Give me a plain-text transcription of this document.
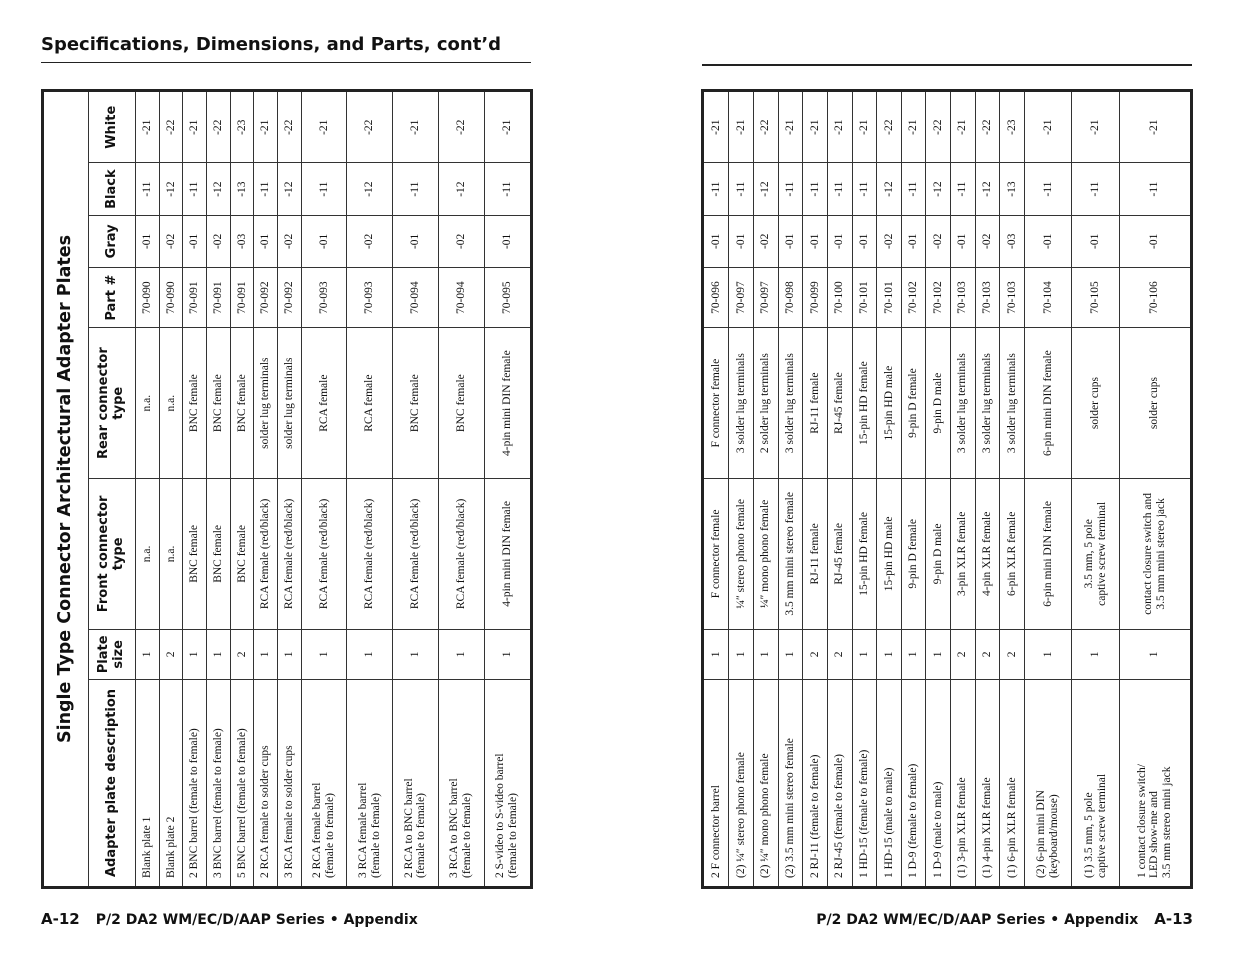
Specifications, Dimensions, and Parts, cont’d
Single Type Connector Architectural Adapter Plates							
Adapter plate description	Plate size	Front connector type	Rear connector type	Part #	Gray	Black	White

Blank plate 1	1	n.a.	n.a.	70-090	-01	-11	-21

Blank plate 2	2	n.a.	n.a.	70-090	-02	-12	-22

2 BNC barrel (female to female)	1	BNC female	BNC female	70-091	-01	-11	-21

3 BNC barrel (female to female)	1	BNC female	BNC female	70-091	-02	-12	-22

5 BNC barrel (female to female)	2	BNC female	BNC female	70-091	-03	-13	-23

2 RCA female to solder cups	1	RCA female (red/black)	solder lug terminals	70-092	-01	-11	-21

3 RCA female to solder cups	1	RCA female (red/black)	solder lug terminals	70-092	-02	-12	-22

2 RCA female barrel (female to female)	1	RCA female (red/black)	RCA female	70-093	-01	-11	-21

3 RCA female barrel (female to female)	1	RCA female (red/black)	RCA female	70-093	-02	-12	-22

2 RCA to BNC barrel (female to female)	1	RCA female (red/black)	BNC female	70-094	-01	-11	-21

3 RCA to BNC barrel (female to female)	1	RCA female (red/black)	BNC female	70-094	-02	-12	-22

2 S-video to S-video barrel (female to female)	1	4-pin mini DIN female	4-pin mini DIN female	70-095	-01	-11	-21
2 F connector barrel	1	F connector female	F connector female	70-096	-01	-11	-21

(2) ¼″ stereo phono female	1	¼″ stereo phono female	3 solder lug terminals	70-097	-01	-11	-21

(2) ¼″ mono phono female	1	¼″ mono phono female	2 solder lug terminals	70-097	-02	-12	-22

(2) 3.5 mm mini stereo female	1	3.5 mm mini stereo female	3 solder lug terminals	70-098	-01	-11	-21

2 RJ-11 (female to female)	2	RJ-11 female	RJ-11 female	70-099	-01	-11	-21

2 RJ-45 (female to female)	2	RJ-45 female	RJ-45 female	70-100	-01	-11	-21

1 HD-15 (female to female)	1	15-pin HD female	15-pin HD female	70-101	-01	-11	-21

1 HD-15 (male to male)	1	15-pin HD male	15-pin HD male	70-101	-02	-12	-22

1 D-9 (female to female)	1	9-pin D female	9-pin D female	70-102	-01	-11	-21

1 D-9 (male to male)	1	9-pin D male	9-pin D male	70-102	-02	-12	-22

(1) 3-pin XLR female	2	3-pin XLR female	3 solder lug terminals	70-103	-01	-11	-21

(1) 4-pin XLR female	2	4-pin XLR female	3 solder lug terminals	70-103	-02	-12	-22

(1) 6-pin XLR female	2	6-pin XLR female	3 solder lug terminals	70-103	-03	-13	-23

(2) 6-pin mini DIN (keyboard/mouse)	1	6-pin mini DIN female	6-pin mini DIN female	70-104	-01	-11	-21

(1) 3.5 mm, 5 pole captive screw terminal	1	3.5 mm, 5 pole captive screw terminal	solder cups	70-105	-01	-11	-21

1 contact closure switch/ LED show-me and 3.5 mm stereo mini jack	1	contact closure switch and 3.5 mm mini stereo jack	solder cups	70-106	-01	-11	-21
A-12 P/2 DA2 WM/EC/D/AAP Series • Appendix	P/2 DA2 WM/EC/D/AAP Series • Appendix A-13
